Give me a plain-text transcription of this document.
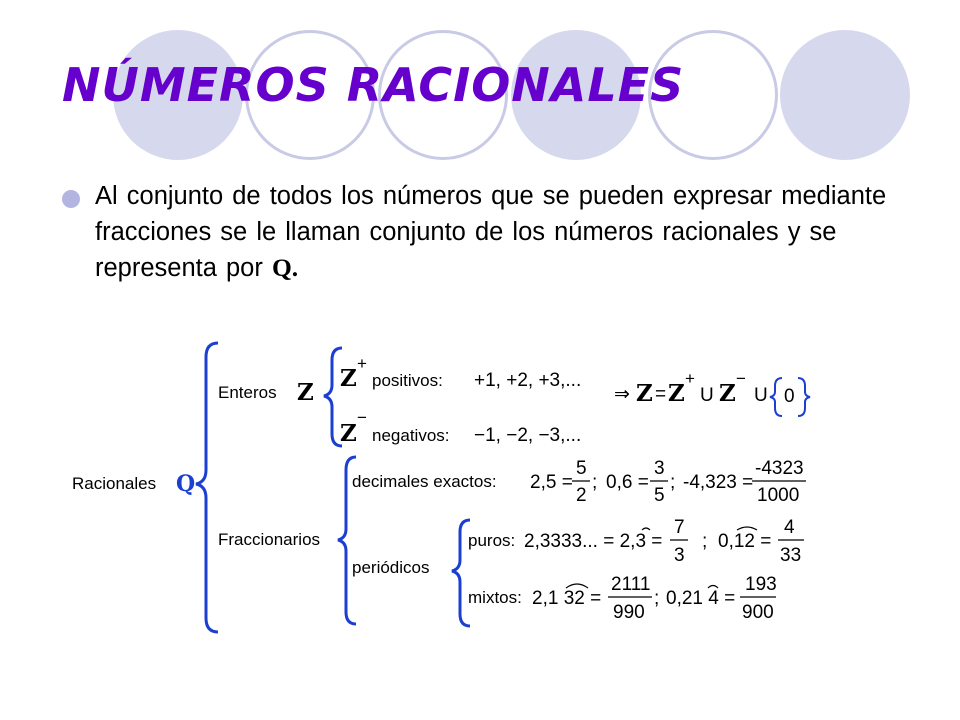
NÚMEROS RACIONALES

Al conjunto de todos los números que se pueden expresar mediante fracciones se le llaman conjunto de los números racionales y se representa por Q.

Racionales Q
Enteros Z
Z
+
positivos: +1, +2, +3,...
Z
−
negativos: −1, −2, −3,...
⇒ Z = Z
+
U Z
−
U 0
Fraccionarios
decimales exactos: 2,5 =
5
2
; 0,6 =
3
5
; -4,323 =
-4323
1000
periódicos
puros: 2,3333... = 2,3 =
7
3
; 0,12 =
4
33
mixtos: 2,1 32 =
2111
990
; 0,21 4 =
193
900
